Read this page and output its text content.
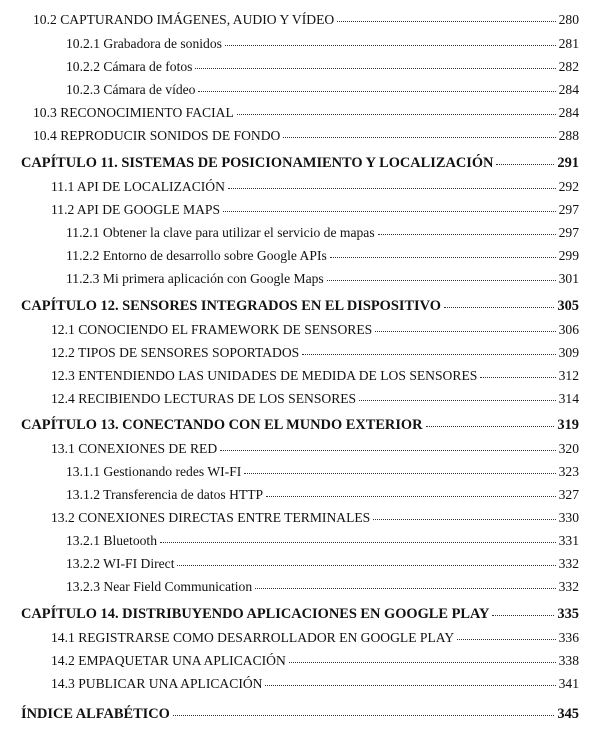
10.2 CAPTURANDO IMÁGENES, AUDIO Y VÍDEO	280
10.2.1 Grabadora de sonidos	281
10.2.2 Cámara de fotos	282
10.2.3 Cámara de vídeo	284
10.3 RECONOCIMIENTO FACIAL	284
10.4 REPRODUCIR SONIDOS DE FONDO	288
CAPÍTULO 11. SISTEMAS DE POSICIONAMIENTO Y LOCALIZACIÓN	291
11.1 API DE LOCALIZACIÓN	292
11.2 API DE GOOGLE MAPS	297
11.2.1 Obtener la clave para utilizar el servicio de mapas	297
11.2.2 Entorno de desarrollo sobre Google APIs	299
11.2.3 Mi primera aplicación con Google Maps	301
CAPÍTULO 12. SENSORES INTEGRADOS EN EL DISPOSITIVO	305
12.1 CONOCIENDO EL FRAMEWORK DE SENSORES	306
12.2 TIPOS DE SENSORES SOPORTADOS	309
12.3 ENTENDIENDO LAS UNIDADES DE MEDIDA DE LOS SENSORES	312
12.4 RECIBIENDO LECTURAS DE LOS SENSORES	314
CAPÍTULO 13. CONECTANDO CON EL MUNDO EXTERIOR	319
13.1 CONEXIONES DE RED	320
13.1.1 Gestionando redes WI-FI	323
13.1.2 Transferencia de datos HTTP	327
13.2 CONEXIONES DIRECTAS ENTRE TERMINALES	330
13.2.1 Bluetooth	331
13.2.2 WI-FI Direct	332
13.2.3 Near Field Communication	332
CAPÍTULO 14. DISTRIBUYENDO APLICACIONES EN GOOGLE PLAY	335
14.1 REGISTRARSE COMO DESARROLLADOR EN GOOGLE PLAY	336
14.2 EMPAQUETAR UNA APLICACIÓN	338
14.3 PUBLICAR UNA APLICACIÓN	341
ÍNDICE ALFABÉTICO	345
